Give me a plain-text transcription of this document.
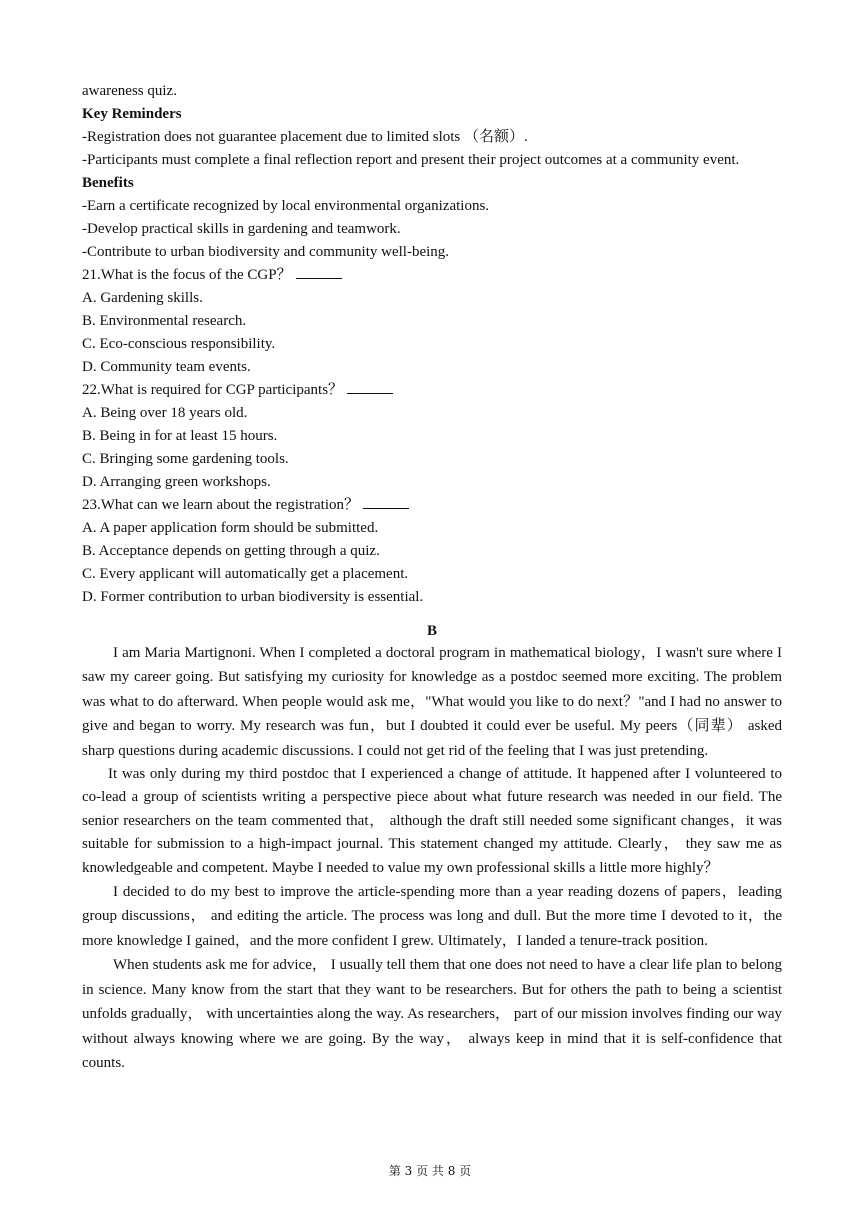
awareness quiz.
Key Reminders
-Registration does not guarantee placement due to limited slots （名额）.
-Participants must complete a final reflection report and present their project outcomes at a community event.
Benefits
-Earn a certificate recognized by local environmental organizations.
-Develop practical skills in gardening and teamwork.
-Contribute to urban biodiversity and community well-being.
21.What is the focus of the CGP？
A. Gardening skills.
B. Environmental research.
C. Eco-conscious responsibility.
D. Community team events.
22.What is required for CGP participants？
A. Being over 18 years old.
B. Being in for at least 15 hours.
C. Bringing some gardening tools.
D. Arranging green workshops.
23.What can we learn about the registration？
A. A paper application form should be submitted.
B. Acceptance depends on getting through a quiz.
C. Every applicant will automatically get a placement.
D. Former contribution to urban biodiversity is essential.
B

I am Maria Martignoni. When I completed a doctoral program in mathematical biology，I wasn't sure where I saw my career going. But satisfying my curiosity for knowledge as a postdoc seemed more exciting. The problem was what to do afterward. When people would ask me，"What would you like to do next？"and I had no answer to give and began to worry. My research was fun，but I doubted it could ever be useful. My peers（同辈） asked sharp questions during academic discussions. I could not get rid of the feeling that I was just pretending.

It was only during my third postdoc that I experienced a change of attitude. It happened after I volunteered to co-lead a group of scientists writing a perspective piece about what future research was needed in our field. The senior researchers on the team commented that， although the draft still needed some significant changes，it was suitable for submission to a high-impact journal. This statement changed my attitude. Clearly， they saw me as knowledgeable and competent. Maybe I needed to value my own professional skills a little more highly？

I decided to do my best to improve the article-spending more than a year reading dozens of papers，leading group discussions， and editing the article. The process was long and dull. But the more time I devoted to it，the more knowledge I gained，and the more confident I grew. Ultimately，I landed a tenure-track position.

When students ask me for advice， I usually tell them that one does not need to have a clear life plan to belong in science. Many know from the start that they want to be researchers. But for others the path to being a scientist unfolds gradually， with uncertainties along the way. As researchers， part of our mission involves finding our way without always knowing where we are going. By the way， always keep in mind that it is self-confidence that counts.

第 3 页 共 8 页
